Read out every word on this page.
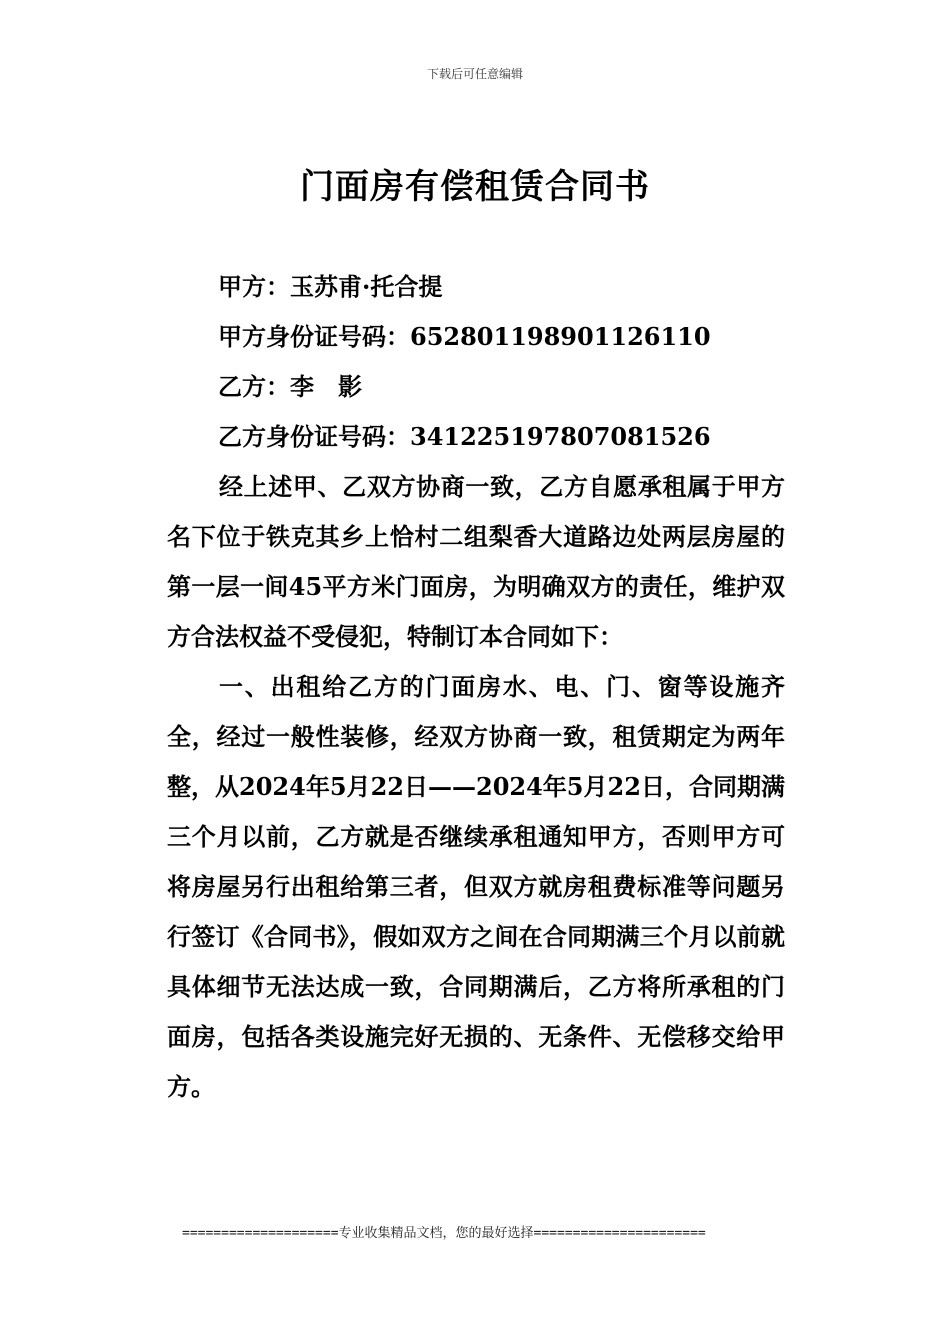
下载后可任意编辑
门面房有偿租赁合同书
甲方：玉苏甫·托合提
甲方身份证号码：652801198901126110
乙方：李　影
乙方身份证号码：341225197807081526

经上述甲、乙双方协商一致，乙方自愿承租属于甲方名下位于铁克其乡上恰村二组梨香大道路边处两层房屋的第一层一间45平方米门面房，为明确双方的责任，维护双方合法权益不受侵犯，特制订本合同如下：

一、出租给乙方的门面房水、电、门、窗等设施齐全，经过一般性装修，经双方协商一致，租赁期定为两年整，从2024年5月22日——2024年5月22日，合同期满三个月以前，乙方就是否继续承租通知甲方，否则甲方可将房屋另行出租给第三者，但双方就房租费标准等问题另行签订《合同书》，假如双方之间在合同期满三个月以前就具体细节无法达成一致，合同期满后，乙方将所承租的门面房，包括各类设施完好无损的、无条件、无偿移交给甲方。

====================专业收集精品文档，您的最好选择======================
